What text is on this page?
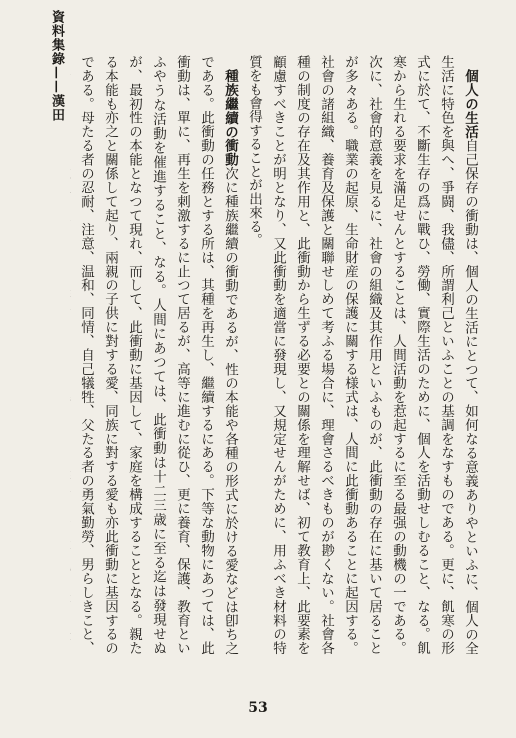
資料集錄——漢田	個人の生活自己保存の衝動は、個人の生活にとつて、如何なる意義ありやといふに、個人の全生活に特色を與へ、爭闘、我儘、所謂利己といふことの基調をなすものである。更に、飢寒の形式に於て、不斷生存の爲に戰ひ、勞働、實際生活のために、個人を活動せしむること、なる。飢寒から生れる要求を滿足せんとすることは、人間活動を惹起するに至る最强の動機の一である。次に、社會的意義を見るに、社會の組織及其作用といふものが、此衝動の存在に基いて居ることが多々ある。職業の起原、生命財産の保護に關する様式は、人間に此衝動あることに起因する。社會の諸組織、養育及保護と關聯せしめて考ふる場合に、理會さるべきものが尠くない。社會各種の制度の存在及其作用と、此衝動から生ずる必要との關係を理解せば、初て教育上、此要素を顧慮すべきことが明となり、又此衝動を適當に發現し、又規定せんがために、用ふべき材料の特質をも會得することが出來る。

種族繼續の衝動次に種族繼續の衝動であるが、性の本能や各種の形式に於ける愛などは卽ち之である。此衝動の任務とする所は、其種を再生し、繼續するにある。下等な動物にあつては、此衝動は、單に、再生を刺激するに止つて居るが、高等に進むに從ひ、更に養育、保護、教育といふやうな活動を催進すること、なる。人間にあつては、此衝動は十二三歳に至る迄は發現せぬが、最初性の本能となつて現れ、而して、此衝動に基因して、家庭を構成することとなる。親たる本能も亦之と關係して起り、兩親の子供に對する愛、同族に對する愛も亦此衝動に基因するのである。母たる者の忍耐、注意、温和、同情、自己犠牲、父たる者の勇氣勤勞、男らしきこと、

53
